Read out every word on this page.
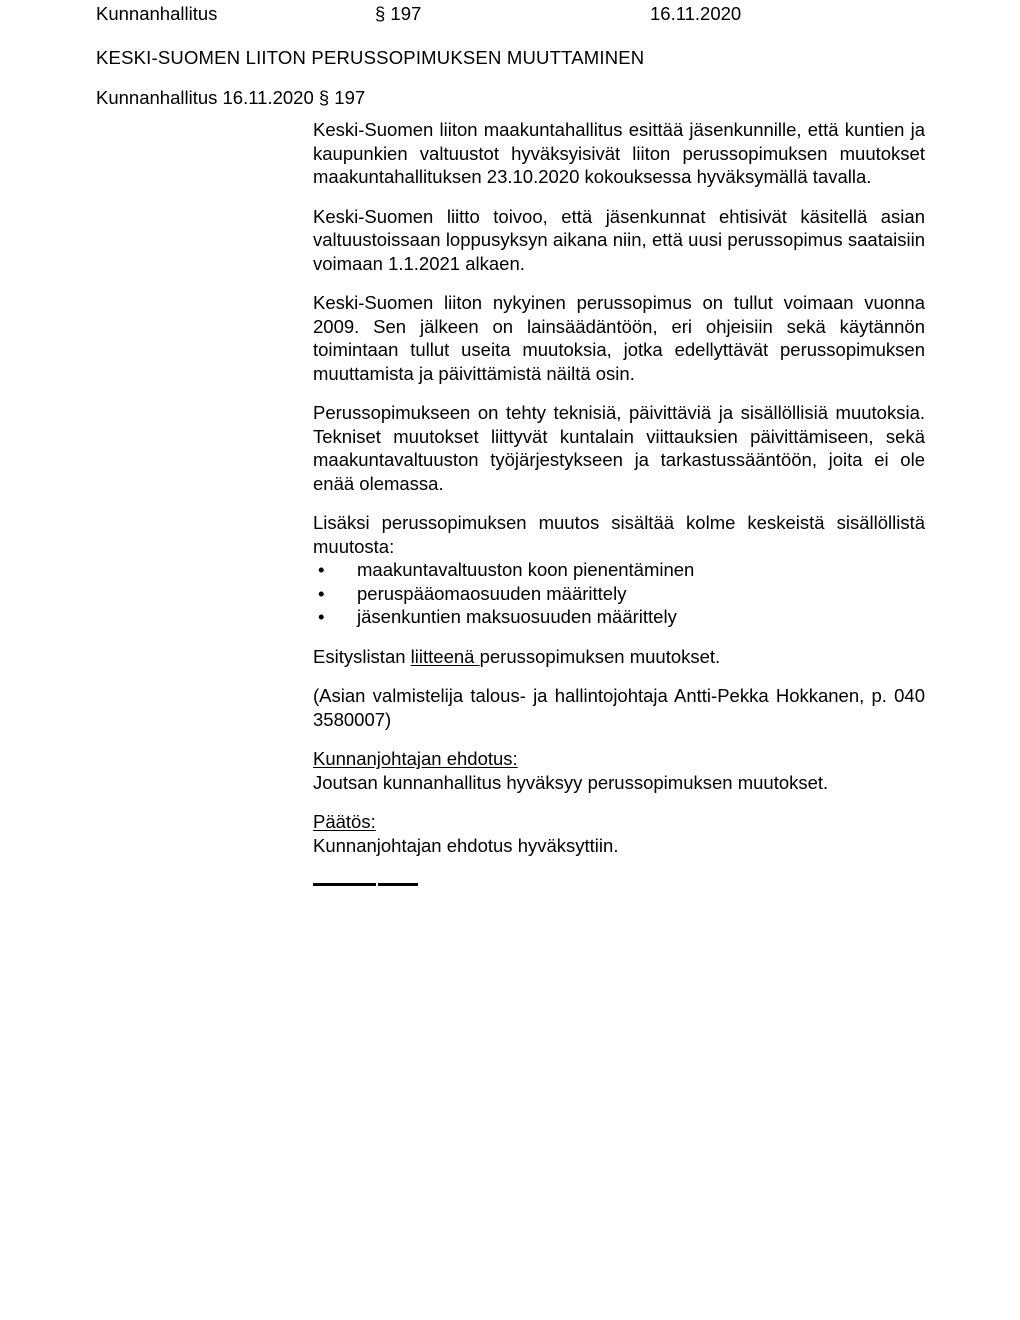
Kunnanhallitus	§ 197	16.11.2020
KESKI-SUOMEN LIITON PERUSSOPIMUKSEN MUUTTAMINEN
Kunnanhallitus 16.11.2020 § 197

Keski-Suomen liiton maakuntahallitus esittää jäsenkunnille, että kuntien ja kaupunkien valtuustot hyväksyisivät liiton perussopimuksen muutokset maakuntahallituksen 23.10.2020 kokouksessa hyväksymällä tavalla.

Keski-Suomen liitto toivoo, että jäsenkunnat ehtisivät käsitellä asian valtuustoissaan loppusyksyn aikana niin, että uusi perussopimus saataisiin voimaan 1.1.2021 alkaen.

Keski-Suomen liiton nykyinen perussopimus on tullut voimaan vuonna 2009. Sen jälkeen on lainsäädäntöön, eri ohjeisiin sekä käytännön toimintaan tullut useita muutoksia, jotka edellyttävät perussopimuksen muuttamista ja päivittämistä näiltä osin.

Perussopimukseen on tehty teknisiä, päivittäviä ja sisällöllisiä muutoksia. Tekniset muutokset liittyvät kuntalain viittauksien päivittämiseen, sekä maakuntavaltuuston työjärjestykseen ja tarkastussääntöön, joita ei ole enää olemassa.

Lisäksi perussopimuksen muutos sisältää kolme keskeistä sisällöllistä muutosta:

• maakuntavaltuuston koon pienentäminen
• peruspääomaosuuden määrittely
• jäsenkuntien maksuosuuden määrittely

Esityslistan liitteenä perussopimuksen muutokset.

(Asian valmistelija talous- ja hallintojohtaja Antti-Pekka Hokkanen, p. 040 3580007)

Kunnanjohtajan ehdotus:

Joutsan kunnanhallitus hyväksyy perussopimuksen muutokset.

Päätös:

Kunnanjohtajan ehdotus hyväksyttiin.
